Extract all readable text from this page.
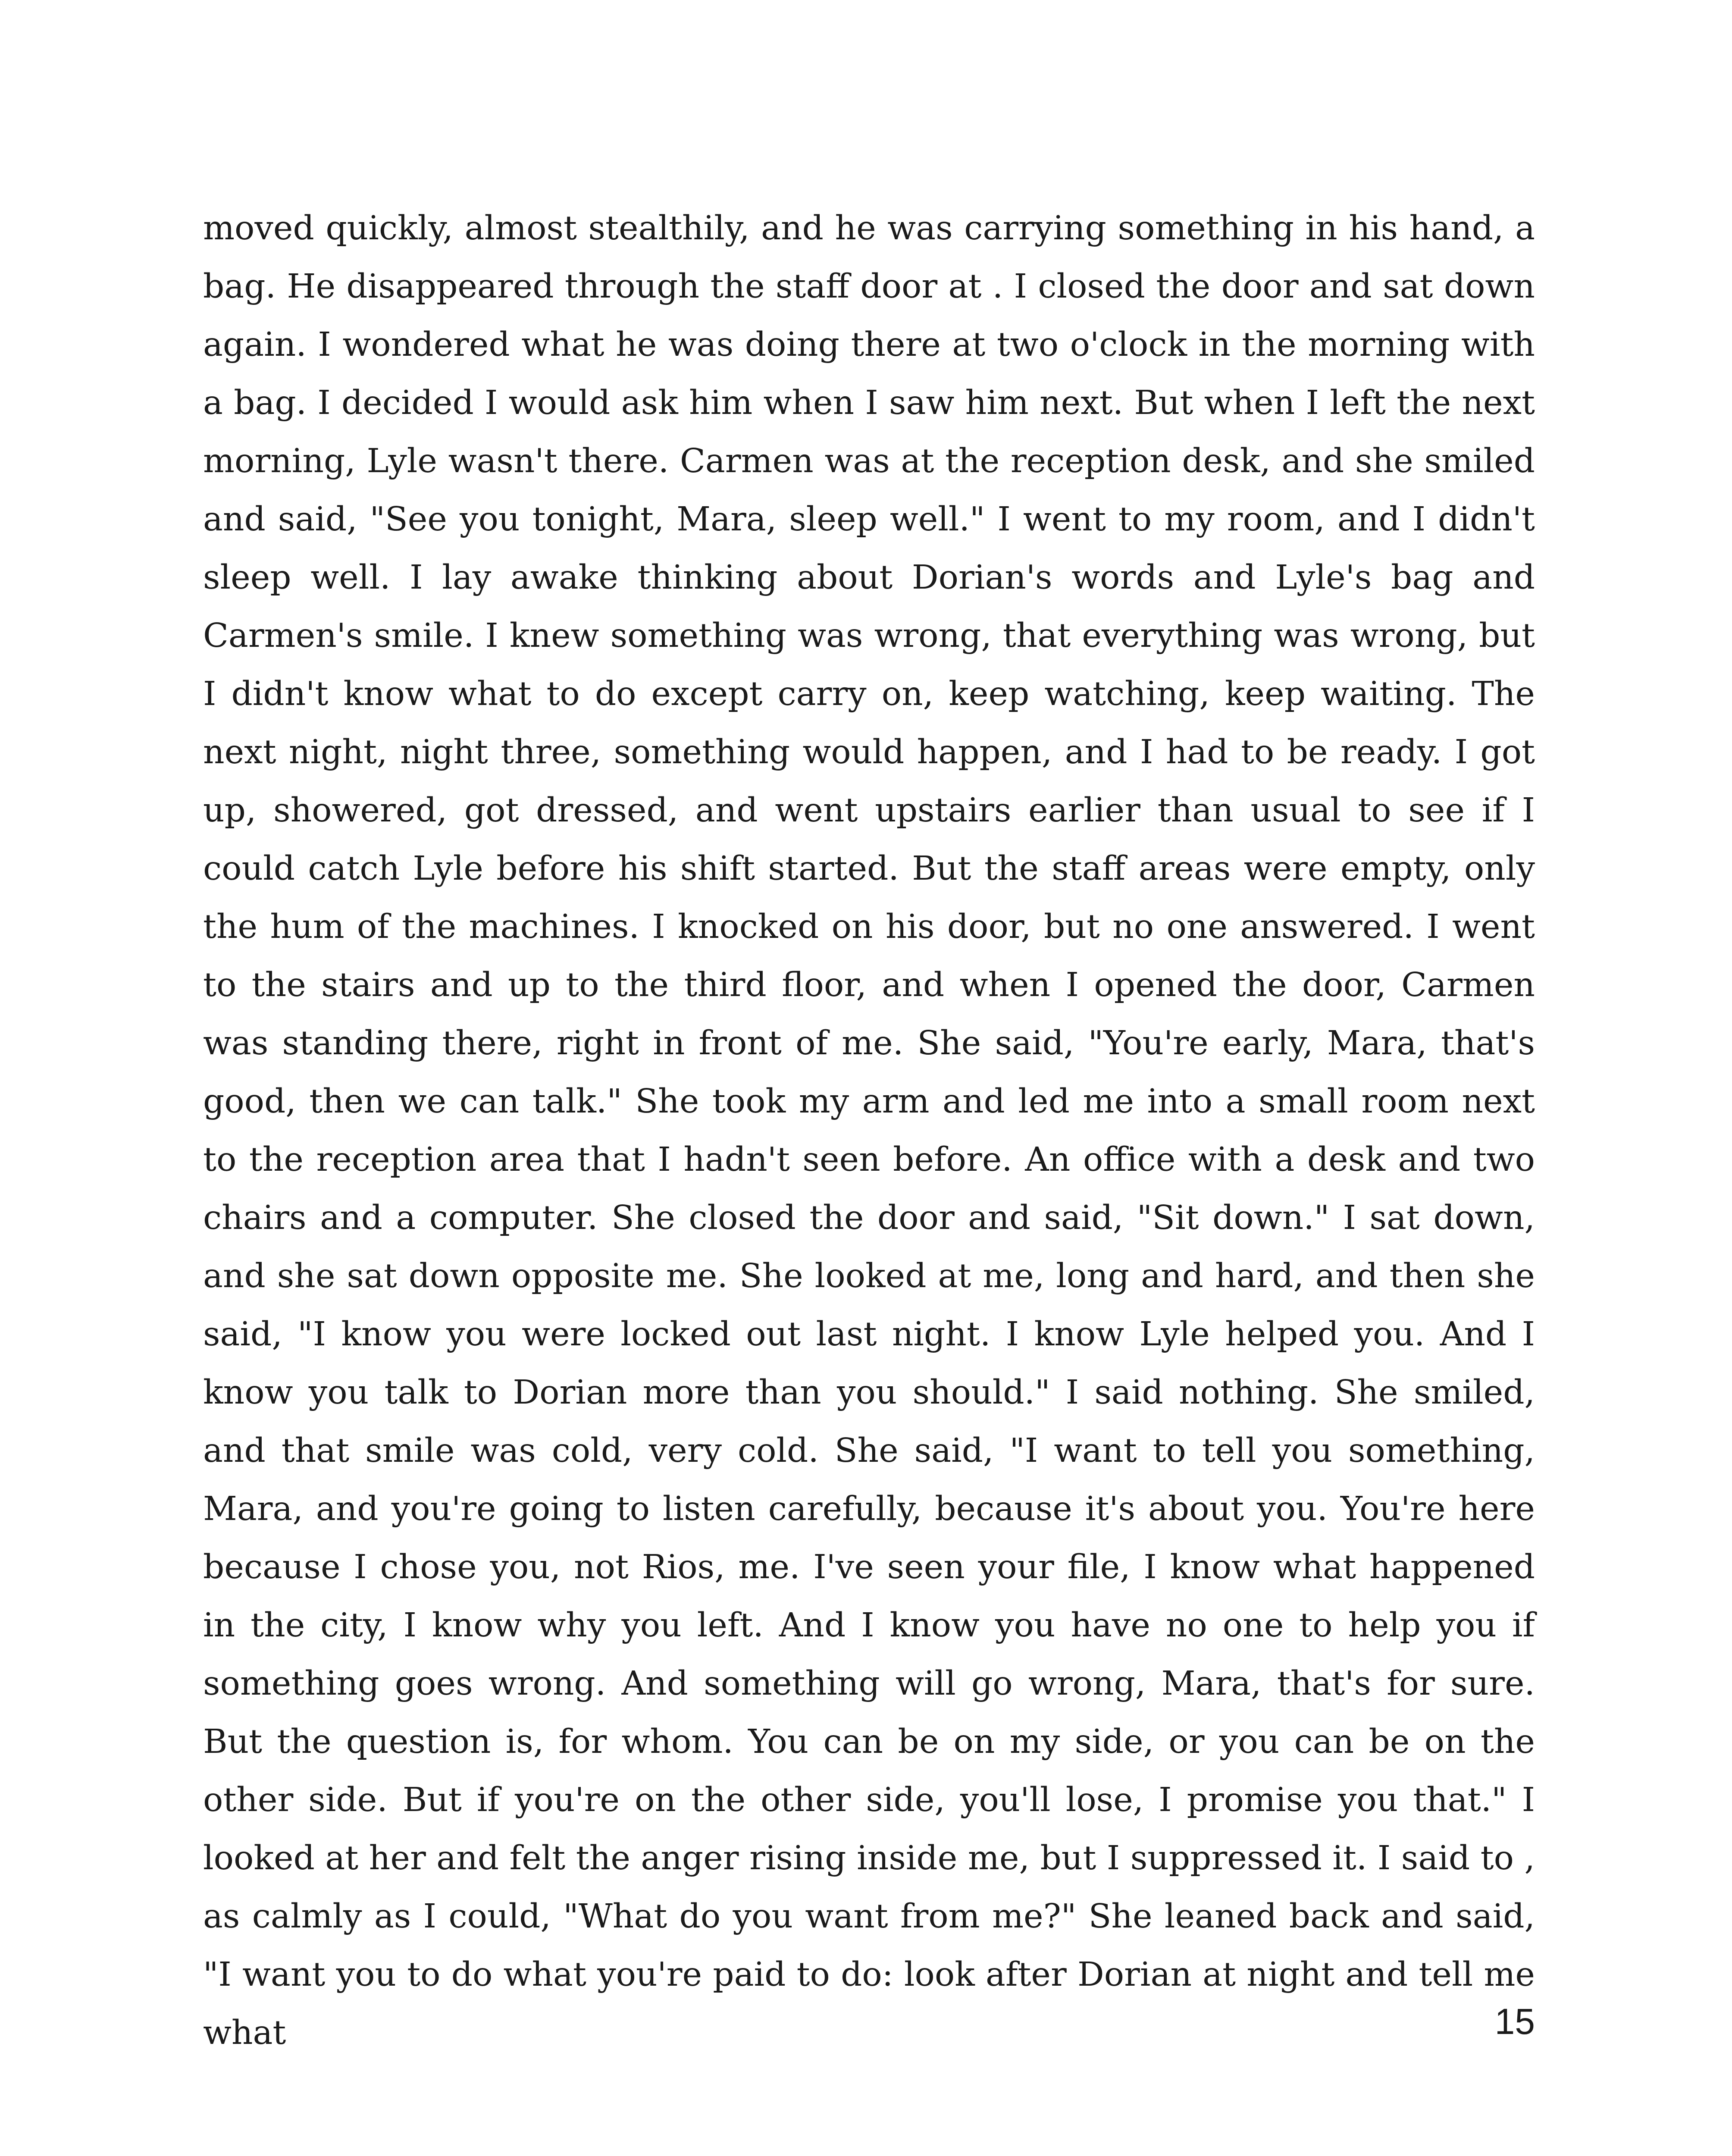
moved quickly, almost stealthily, and he was carrying something in his hand, a bag. He disappeared through the staff door at . I closed the door and sat down again. I wondered what he was doing there at two o'clock in the morning with a bag. I decided I would ask him when I saw him next. But when I left the next morning, Lyle wasn't there. Carmen was at the reception desk, and she smiled and said, "See you tonight, Mara, sleep well." I went to my room, and I didn't sleep well. I lay awake thinking about Dorian's words and Lyle's bag and Carmen's smile. I knew something was wrong, that everything was wrong, but I didn't know what to do except carry on, keep watching, keep waiting. The next night, night three, something would happen, and I had to be ready. I got up, showered, got dressed, and went upstairs earlier than usual to see if I could catch Lyle before his shift started. But the staff areas were empty, only the hum of the machines. I knocked on his door, but no one answered. I went to the stairs and up to the third floor, and when I opened the door, Carmen was standing there, right in front of me. She said, "You're early, Mara, that's good, then we can talk." She took my arm and led me into a small room next to the reception area that I hadn't seen before. An office with a desk and two chairs and a computer. She closed the door and said, "Sit down." I sat down, and she sat down opposite me. She looked at me, long and hard, and then she said, "I know you were locked out last night. I know Lyle helped you. And I know you talk to Dorian more than you should." I said nothing. She smiled, and that smile was cold, very cold. She said, "I want to tell you something, Mara, and you're going to listen carefully, because it's about you. You're here because I chose you, not Rios, me. I've seen your file, I know what happened in the city, I know why you left. And I know you have no one to help you if something goes wrong. And something will go wrong, Mara, that's for sure. But the question is, for whom. You can be on my side, or you can be on the other side. But if you're on the other side, you'll lose, I promise you that." I looked at her and felt the anger rising inside me, but I suppressed it. I said to , as calmly as I could, "What do you want from me?" She leaned back and said, "I want you to do what you're paid to do: look after Dorian at night and tell me what	15
